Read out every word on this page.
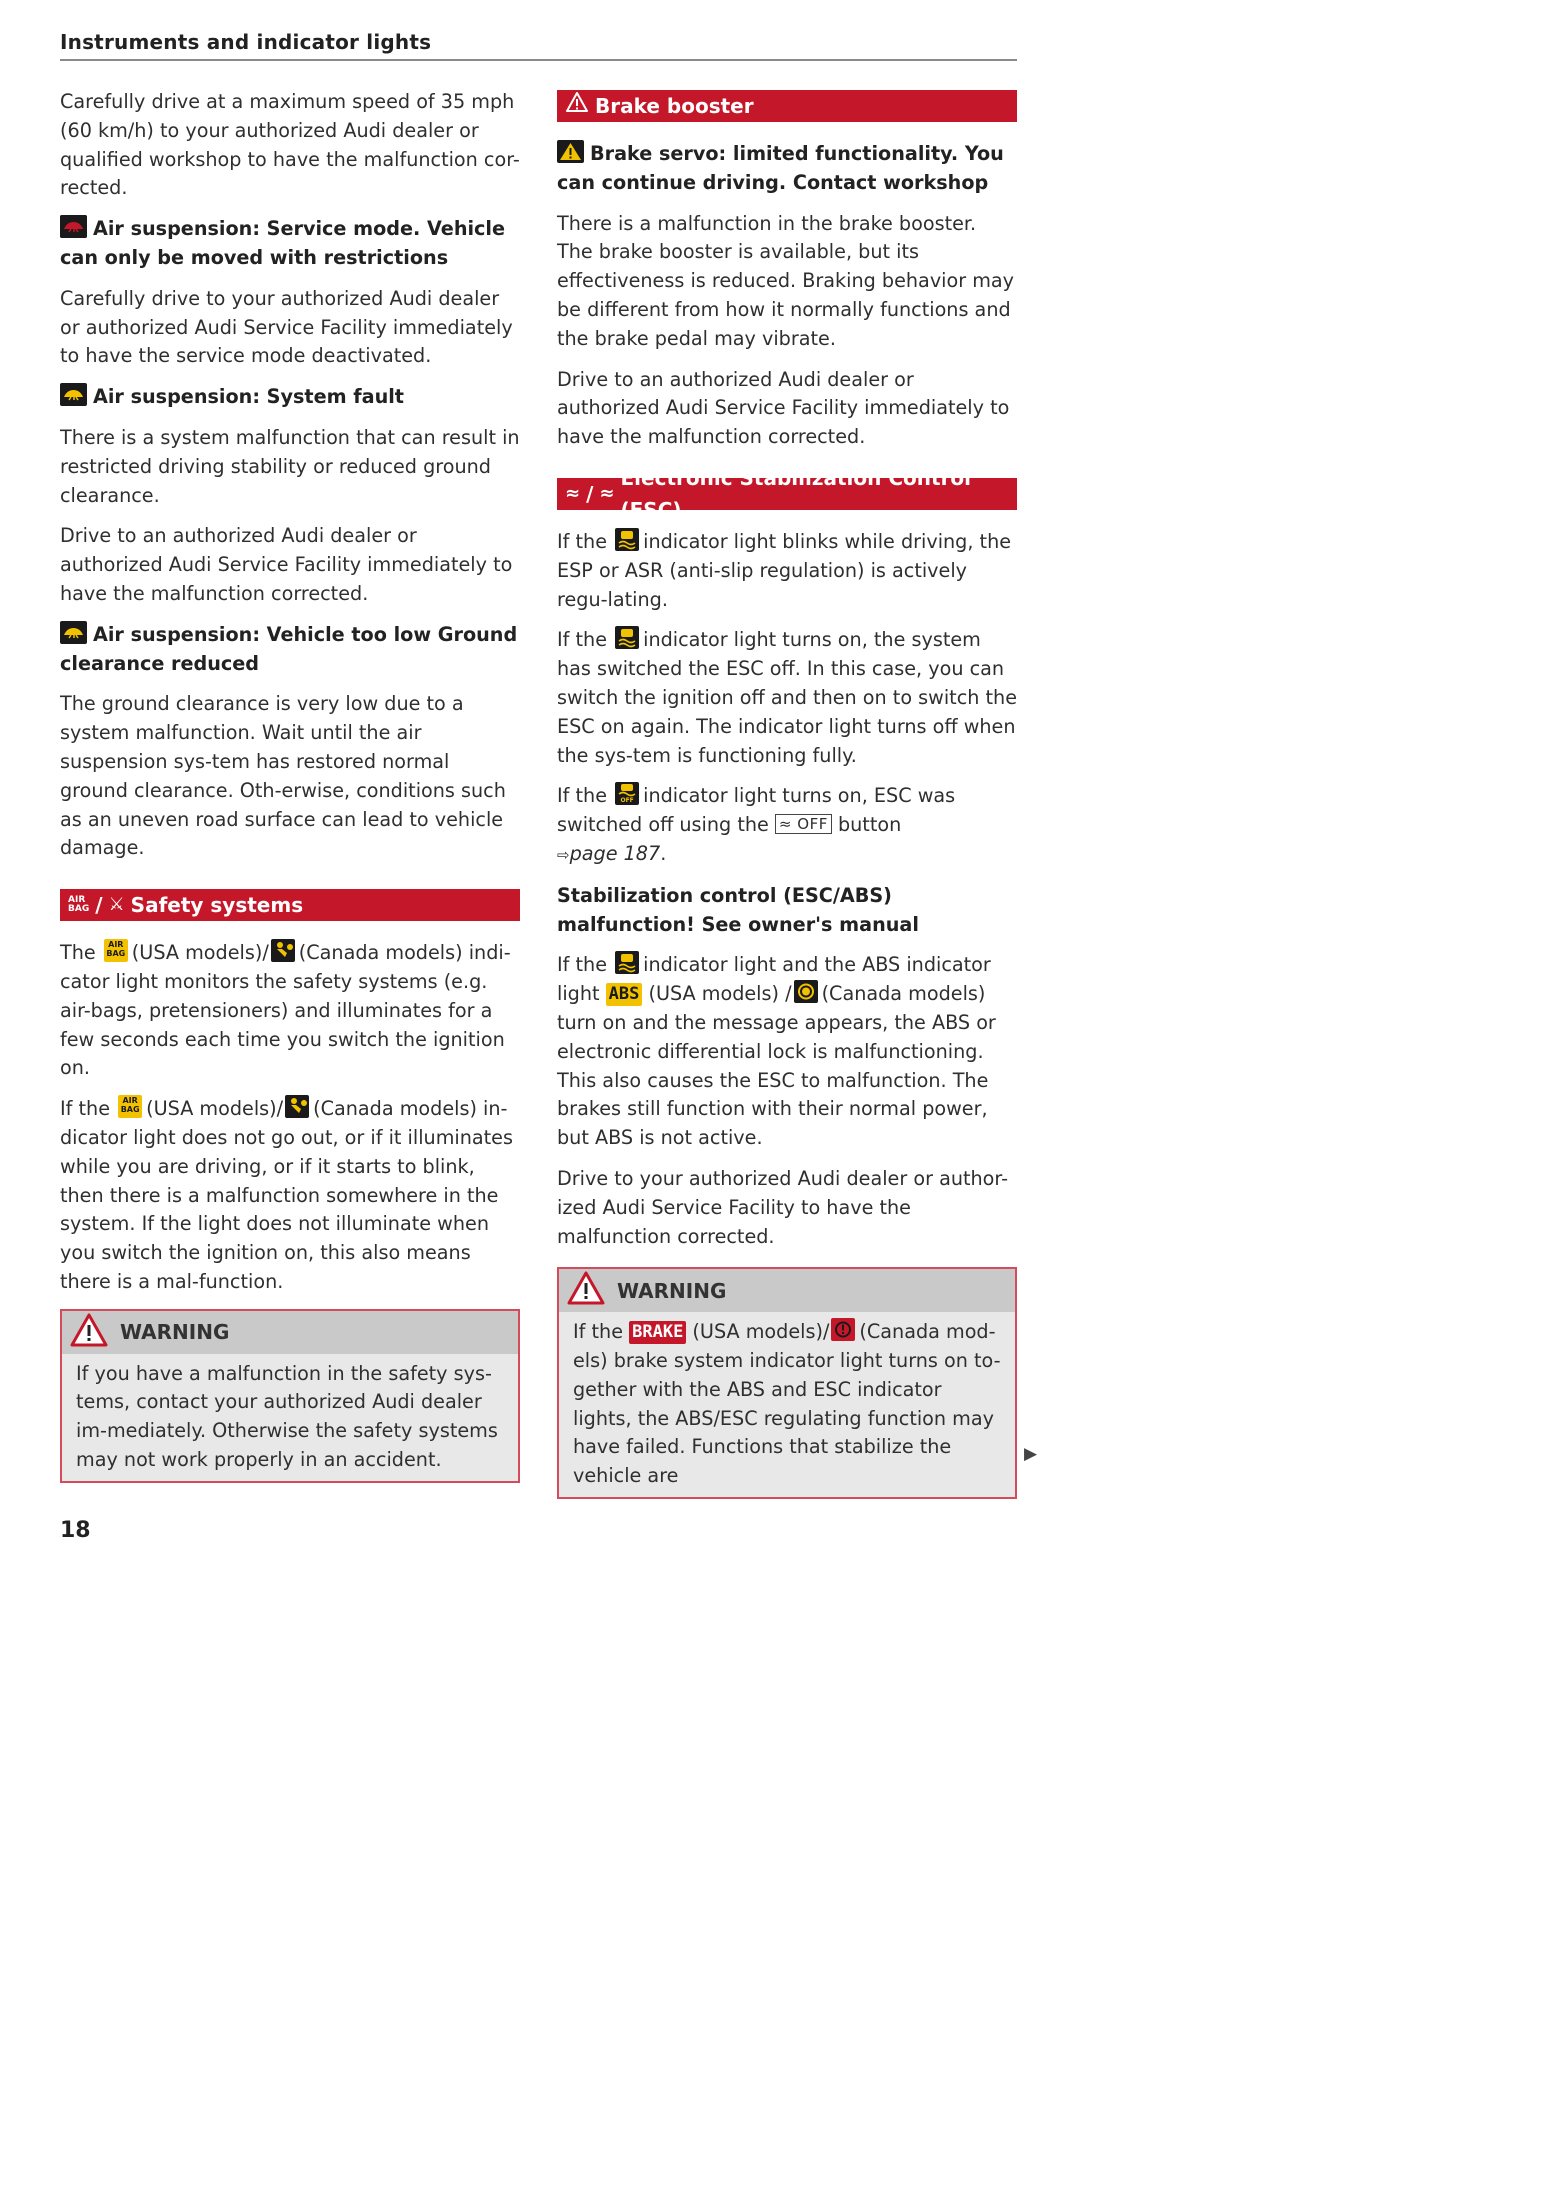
Instruments and indicator lights

Carefully drive at a maximum speed of 35 mph (60 km/h) to your authorized Audi dealer or qualified workshop to have the malfunction cor-rected.

Air suspension: Service mode. Vehicle can only be moved with restrictions

Carefully drive to your authorized Audi dealer or authorized Audi Service Facility immediately to have the service mode deactivated.

Air suspension: System fault

There is a system malfunction that can result in restricted driving stability or reduced ground clearance.

Drive to an authorized Audi dealer or authorized Audi Service Facility immediately to have the malfunction corrected.

Air suspension: Vehicle too low Ground clearance reduced

The ground clearance is very low due to a system malfunction. Wait until the air suspension sys-tem has restored normal ground clearance. Oth-erwise, conditions such as an uneven road surface can lead to vehicle damage.

AIR
BAG / ⚔ Safety systems

The	AIR
BAG (USA models)/ (Canada models) indi-cator light monitors the safety systems (e.g. air-bags, pretensioners) and illuminates for a few seconds each time you switch the ignition on.

If the	AIR
BAG (USA models)/ (Canada models) in-dicator light does not go out, or if it illuminates while you are driving, or if it starts to blink, then there is a malfunction somewhere in the system. If the light does not illuminate when you switch the ignition on, this also means there is a mal-function.

WARNING

If you have a malfunction in the safety sys-tems, contact your authorized Audi dealer im-mediately. Otherwise the safety systems may not work properly in an accident.

Brake booster
Brake servo: limited functionality. You can continue driving. Contact workshop

There is a malfunction in the brake booster. The brake booster is available, but its effectiveness is reduced. Braking behavior may be different from how it normally functions and the brake pedal may vibrate.

Drive to an authorized Audi dealer or authorized Audi Service Facility immediately to have the malfunction corrected.

≈ / ≈
Electronic Stabilization Control (ESC)

If the indicator light blinks while driving, the ESP or ASR (anti-slip regulation) is actively regu-lating.

If the indicator light turns on, the system has switched the ESC off. In this case, you can switch the ignition off and then on to switch the ESC on again. The indicator light turns off when the sys-tem is functioning fully.

If the	OFF indicator light turns on, ESC was switched off using the ≈ OFF button
⇨page 187.

Stabilization control (ESC/ABS) malfunction! See owner's manual

If the indicator light and the ABS indicator light ABS (USA models) / (Canada models) turn on and the message appears, the ABS or electronic differential lock is malfunctioning. This also causes the ESC to malfunction. The brakes still function with their normal power, but ABS is not active.

Drive to your authorized Audi dealer or author-ized Audi Service Facility to have the malfunction corrected.

WARNING

If the BRAKE (USA models)/ (Canada mod-els) brake system indicator light turns on to-gether with the ABS and ESC indicator lights, the ABS/ESC regulating function may have failed. Functions that stabilize the vehicle are

▶
18
